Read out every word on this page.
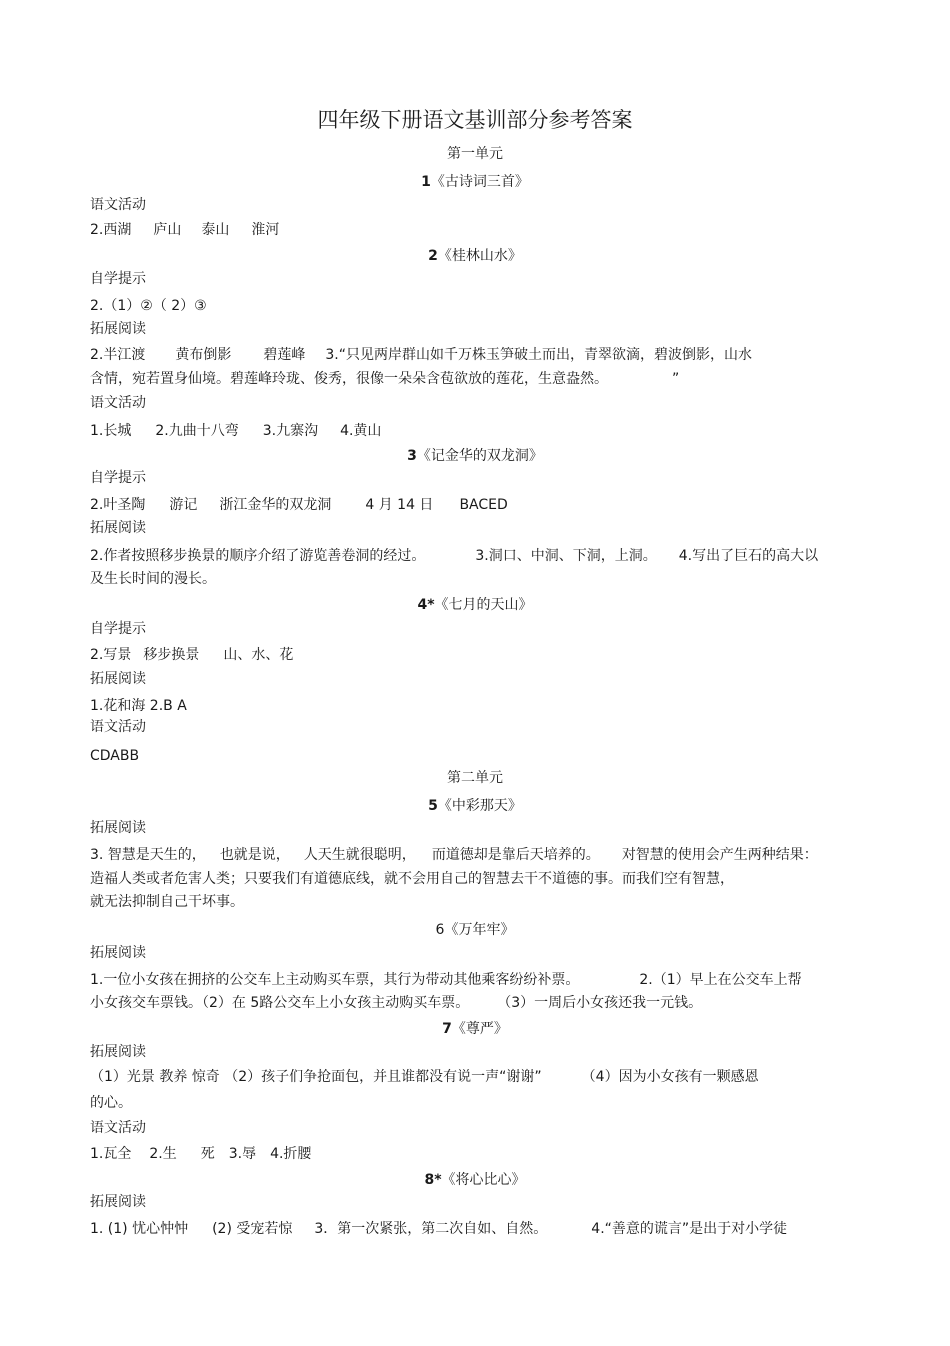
四年级下册语文基训部分参考答案
第一单元
1《古诗词三首》
语文活动
2.西湖 庐山 泰山 淮河
2《桂林山水》
自学提示
2.（1）②（ 2）③
拓展阅读
2.半江渡 黄布倒影 碧莲峰 3.“只见两岸群山如千万株玉笋破土而出，青翠欲滴，碧波倒影，山水
含情，宛若置身仙境。碧莲峰玲珑、俊秀，很像一朵朵含苞欲放的莲花，生意盎然。	”
语文活动
1.长城 2.九曲十八弯 3.九寨沟 4.黄山
3《记金华的双龙洞》
自学提示
2.叶圣陶 游记 浙江金华的双龙洞 4 月 14 日 BACED
拓展阅读
2.作者按照移步换景的顺序介绍了游览善卷洞的经过。	3.洞口、中洞、下洞，上洞。 4.写出了巨石的高大以
及生长时间的漫长。
4*《七月的天山》
自学提示
2.写景 移步换景 山、水、花
拓展阅读
1.花和海 2.B A
语文活动
CDABB
第二单元
5《中彩那天》
拓展阅读
3. 智慧是天生的， 也就是说， 人天生就很聪明， 而道德却是靠后天培养的。 对智慧的使用会产生两种结果：
造福人类或者危害人类；只要我们有道德底线，就不会用自己的智慧去干不道德的事。而我们空有智慧，
就无法抑制自己干坏事。
6《万年牢》
拓展阅读
1.一位小女孩在拥挤的公交车上主动购买车票，其行为带动其他乘客纷纷补票。	2.（1）早上在公交车上帮
小女孩交车票钱。（2）在 5路公交车上小女孩主动购买车票。 （3）一周后小女孩还我一元钱。
7《尊严》
拓展阅读
（1）光景 教养 惊奇 （2）孩子们争抢面包，并且谁都没有说一声“谢谢”	（4）因为小女孩有一颗感恩
的心。
语文活动
1.瓦全 2.生 死 3.辱 4.折腰
8*《将心比心》
拓展阅读
1. (1) 忧心忡忡 (2) 受宠若惊 3．第一次紧张，第二次自如、自然。	4.“善意的谎言”是出于对小学徒
